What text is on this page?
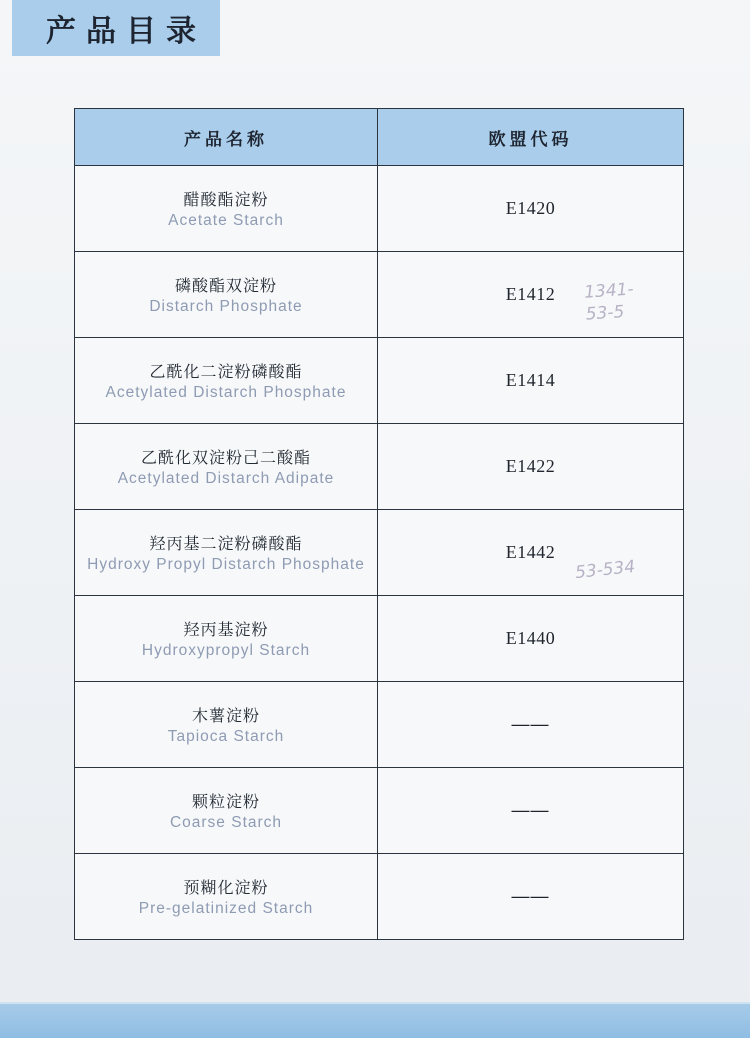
产品目录
产品名称	欧盟代码
醋酸酯淀粉
Acetate Starch
E1420
磷酸酯双淀粉
Distarch Phosphate
E1412
乙酰化二淀粉磷酸酯
Acetylated Distarch Phosphate
E1414
乙酰化双淀粉己二酸酯
Acetylated Distarch Adipate
E1422
羟丙基二淀粉磷酸酯
Hydroxy Propyl Distarch Phosphate
E1442
羟丙基淀粉
Hydroxypropyl Starch
E1440
木薯淀粉
Tapioca Starch
——
颗粒淀粉
Coarse Starch
——
预糊化淀粉
Pre-gelatinized Starch
——
1341-
53-5
53-534
